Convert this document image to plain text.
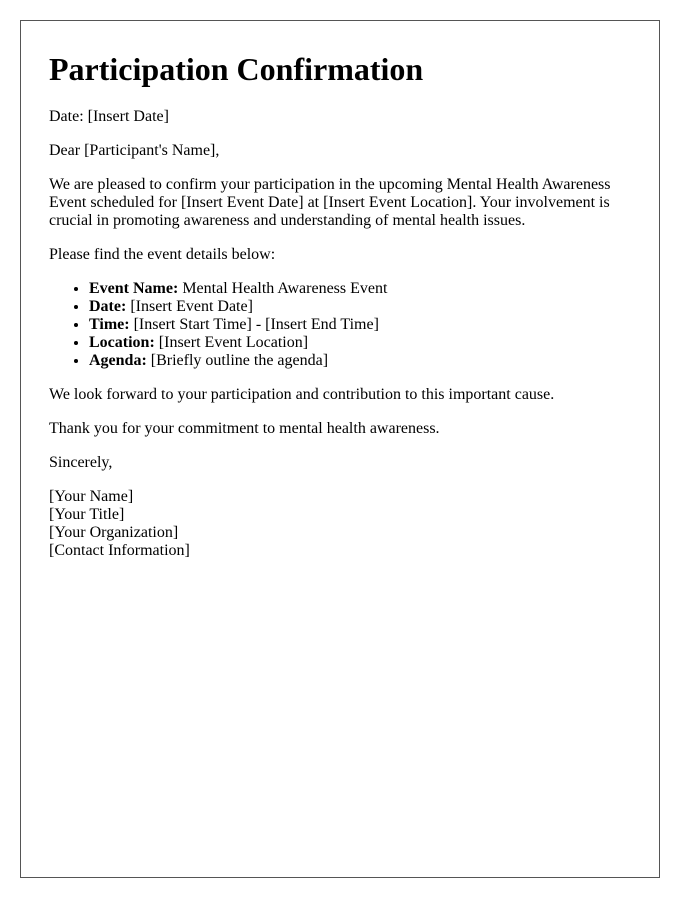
Participation Confirmation

Date: [Insert Date]

Dear [Participant's Name],

We are pleased to confirm your participation in the upcoming Mental Health Awareness Event scheduled for [Insert Event Date] at [Insert Event Location]. Your involvement is crucial in promoting awareness and understanding of mental health issues.

Please find the event details below:

• Event Name: Mental Health Awareness Event
• Date: [Insert Event Date]
• Time: [Insert Start Time] - [Insert End Time]
• Location: [Insert Event Location]
• Agenda: [Briefly outline the agenda]

We look forward to your participation and contribution to this important cause.

Thank you for your commitment to mental health awareness.

Sincerely,

[Your Name]

[Your Title]

[Your Organization]

[Contact Information]
